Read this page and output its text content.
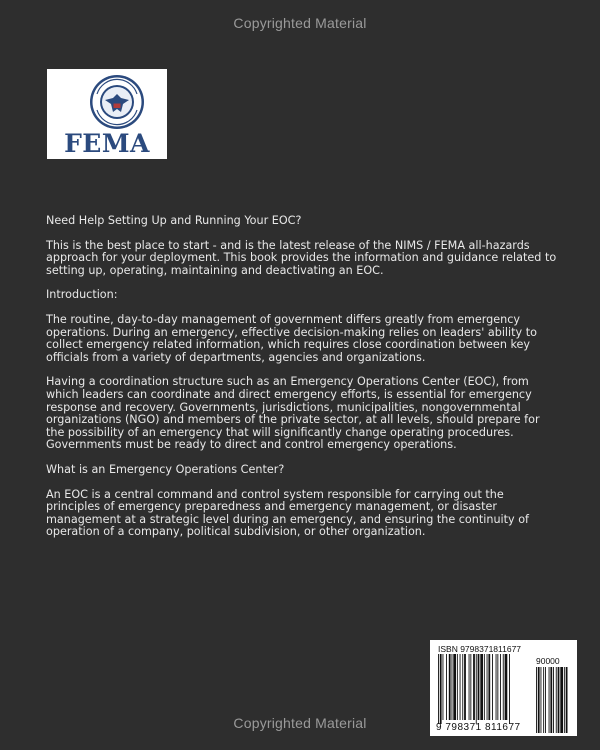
Copyrighted Material
FEMA

Need Help Setting Up and Running Your EOC?

This is the best place to start - and is the latest release of the NIMS / FEMA all-hazards approach for your deployment. This book provides the information and guidance related to setting up, operating, maintaining and deactivating an EOC.

Introduction:

The routine, day-to-day management of government differs greatly from emergency operations. During an emergency, effective decision-making relies on leaders' ability to collect emergency related information, which requires close coordination between key officials from a variety of departments, agencies and organizations.

Having a coordination structure such as an Emergency Operations Center (EOC), from which leaders can coordinate and direct emergency efforts, is essential for emergency response and recovery. Governments, jurisdictions, municipalities, nongovernmental organizations (NGO) and members of the private sector, at all levels, should prepare for the possibility of an emergency that will significantly change operating procedures. Governments must be ready to direct and control emergency operations.

What is an Emergency Operations Center?

An EOC is a central command and control system responsible for carrying out the principles of emergency preparedness and emergency management, or disaster management at a strategic level during an emergency, and ensuring the continuity of operation of a company, political subdivision, or other organization.

ISBN 9798371811677
90000
9 798371 811677
Copyrighted Material
